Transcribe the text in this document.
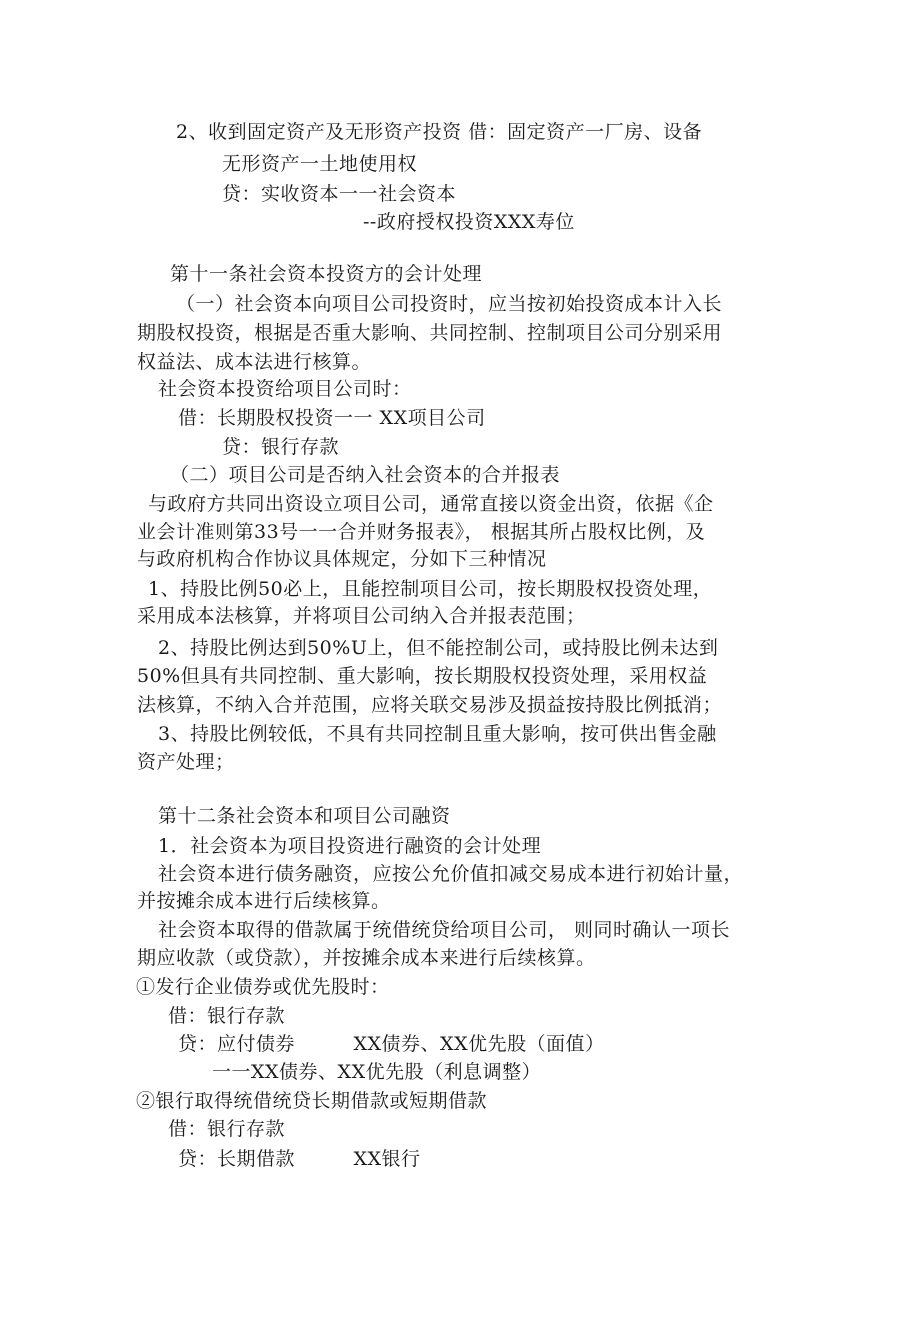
2、收到固定资产及无形资产投资 借：固定资产一厂房、设备
无形资产一土地使用权
贷：实收资本一一社会资本
--政府授权投资XXX寿位
第十一条社会资本投资方的会计处理
（一）社会资本向项目公司投资时，应当按初始投资成本计入长
期股权投资，根据是否重大影响、共同控制、控制项目公司分别采用
权益法、成本法进行核算。
社会资本投资给项目公司时：
借：长期股权投资一一 XX项目公司
贷：银行存款
（二）项目公司是否纳入社会资本的合并报表
与政府方共同出资设立项目公司，通常直接以资金出资，依据《企
业会计准则第33号一一合并财务报表》， 根据其所占股权比例，及
与政府机构合作协议具体规定，分如下三种情况
1、持股比例50必上，且能控制项目公司，按长期股权投资处理，
采用成本法核算，并将项目公司纳入合并报表范围；
2、持股比例达到50%U上，但不能控制公司，或持股比例未达到
50%但具有共同控制、重大影响，按长期股权投资处理，采用权益
法核算，不纳入合并范围，应将关联交易涉及损益按持股比例抵消；
3、持股比例较低，不具有共同控制且重大影响，按可供出售金融
资产处理；
第十二条社会资本和项目公司融资
1．社会资本为项目投资进行融资的会计处理
社会资本进行债务融资，应按公允价值扣减交易成本进行初始计量，
并按摊余成本进行后续核算。
社会资本取得的借款属于统借统贷给项目公司， 则同时确认一项长
期应收款（或贷款），并按摊余成本来进行后续核算。
①发行企业债券或优先股时：
借：银行存款
贷：应付债券　　　XX债券、XX优先股（面值）
一一XX债券、XX优先股（利息调整）
②银行取得统借统贷长期借款或短期借款
借：银行存款
贷：长期借款　　　XX银行
